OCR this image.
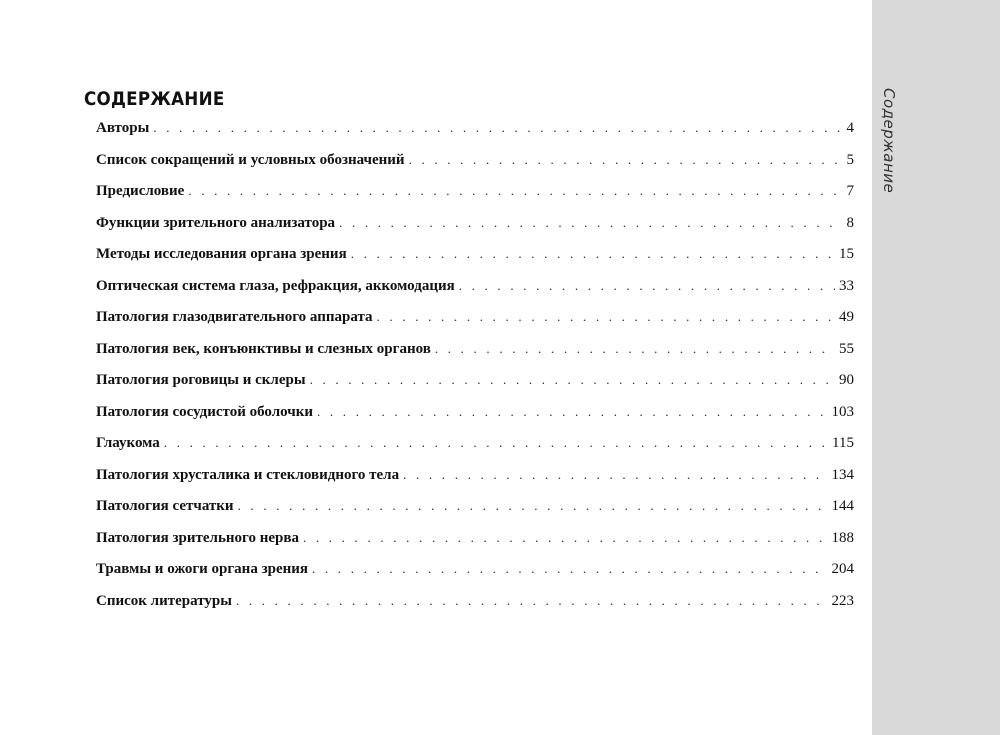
Содержание
СОДЕРЖАНИЕ
Авторы . . .	4
Список сокращений и условных обозначений . . .	5
Предисловие . . .	7
Функции зрительного анализатора . . .	8
Методы исследования органа зрения . . .	15
Оптическая система глаза, рефракция, аккомодация . . .	33
Патология глазодвигательного аппарата . . .	49
Патология век, конъюнктивы и слезных органов . . .	55
Патология роговицы и склеры . . .	90
Патология сосудистой оболочки . . .	103
Глаукома . . .	115
Патология хрусталика и стекловидного тела . . .	134
Патология сетчатки . . .	144
Патология зрительного нерва . . .	188
Травмы и ожоги органа зрения . . .	204
Список литературы . . .	223
